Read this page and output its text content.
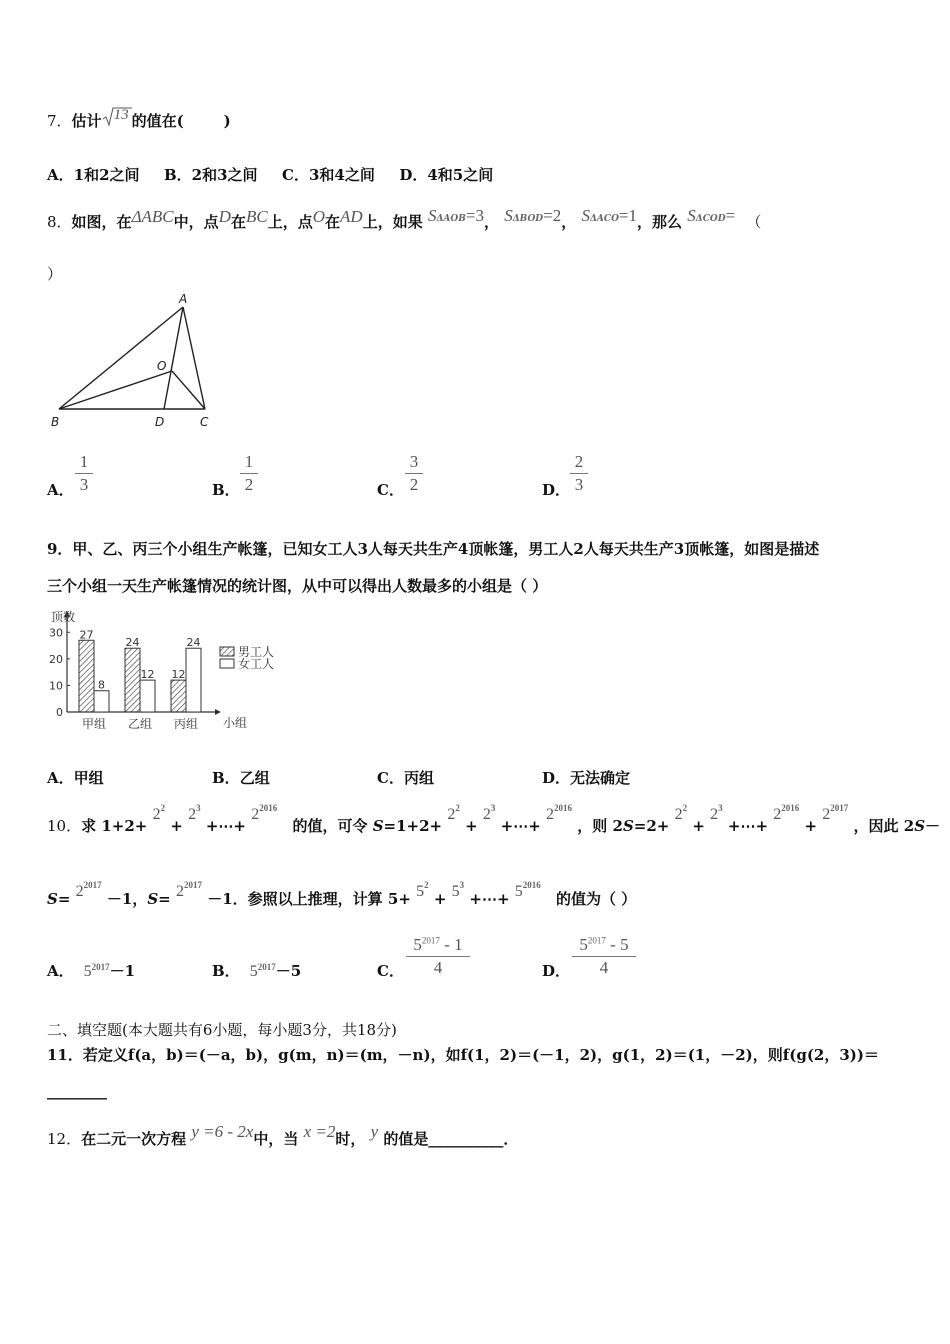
7．估计 13 的值在(	)
A．1和2之间 B．2和3之间 C．3和4之间 D．4和5之间
8．如图，在ΔABC中，点D在BC上，点O在AD上，如果 SΔAOB=3， SΔBOD=2， SΔACO=1，那么 SΔCOD= （
）
A
B	C
D
O
A．
1
3	B．
1
2	C．
3
2	D．
2
3
9．甲、乙、丙三个小组生产帐篷，已知女工人3人每天共生产4顶帐篷，男工人2人每天共生产3顶帐篷，如图是描述
三个小组一天生产帐篷情况的统计图，从中可以得出人数最多的小组是（ ）
顶数
小组
0
10
20
30 27
8
甲组
24
12
乙组
12
24
丙组
男工人
女工人
A．甲组	B．乙组	C．丙组	D．无法确定
10．求 $1+2+ 2^2 + 2^3$ +⋯+ $2^{2016}$ 的值，可令 $S=1+2+ 2^2 + 2^3$ +⋯+ $2^{2016}$ ，则 $2S=2+ 2^2 + 2^3$ +⋯+ $2^{2016} + 2^{2017}$ ，因此 2S－
$S= 2^{2017} -1$，$S= 2^{2017} -1$．参照以上推理，计算 $5+ 5^2 + 5^3$ +⋯+ $5^{2016}$ 的值为（ ）
A． $5^{2017}-1$	B． $5^{2017}-5$	C．
$5^{2017} - 1$
4	D．
$5^{2017} - 5$
4
二、填空题(本大题共有6小题，每小题3分，共18分)
11．若定义f(a，b)＝(－a，b)，g(m，n)＝(m，－n)，如f(1，2)＝(－1，2)，g(1，2)＝(1，－2)，则f(g(2，3))＝
________
12．在二元一次方程 y =6 - 2x中，当 x =2时， y 的值是__________．
